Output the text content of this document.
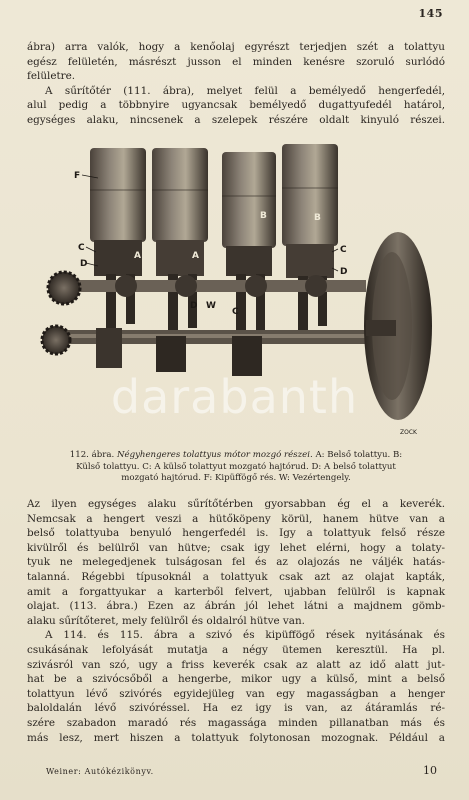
145

ábra) arra valók, hogy a kenőolaj egyrészt terjedjen szét a tolattyu
egész felületén, másrészt jusson el minden kenésre szoruló surlódó
felületre.

A sűrítőtér (111. ábra), melyet felül a bemélyedő hengerfedél,
alul pedig a többnyire ugyancsak bemélyedő dugattyufedél határol,
egységes alaku, nincsenek a szelepek részére oldalt kinyuló részei.

F
A	A
B	B
C	C
D
D
D W
C
ZOCK
darabanth
112. ábra. Négyhengeres tolattyus mótor mozgó részei. A: Belső tolattyu. B:
Külső tolattyu. C: A külső tolattyut mozgató hajtórud. D: A belső tolattyut
mozgató hajtórud. F: Kipüffögő rés. W: Vezértengely.

Az ilyen egységes alaku sűrítőtérben gyorsabban ég el a keverék.
Nemcsak a hengert veszi a hütőköpeny körül, hanem hütve van a
belső tolattyuba benyuló hengerfedél is. Igy a tolattyuk felső része
kivülről és belülről van hütve; csak igy lehet elérni, hogy a tolaty-
tyuk ne melegedjenek tulságosan fel és az olajozás ne váljék hatás-
talanná. Régebbi típusoknál a tolattyuk csak azt az olajat kapták,
amit a forgattyukar a karterből felvert, ujabban felülről is kapnak
olajat. (113. ábra.) Ezen az ábrán jól lehet látni a majdnem gömb-
alaku sűrítőteret, mely felülről és oldalról hütve van.

A 114. és 115. ábra a szivó és kipüffögő rések nyitásának és
csukásának lefolyását mutatja a négy ütemen keresztül. Ha pl.
szivásról van szó, ugy a friss keverék csak az alatt az idő alatt jut-
hat be a szivócsőből a hengerbe, mikor ugy a külső, mint a belső
tolattyun lévő szivórés egyidejüleg van egy magasságban a henger
baloldalán lévő szivóréssel. Ha ez igy is van, az átáramlás ré-
szére szabadon maradó rés magassága minden pillanatban más és
más lesz, mert hiszen a tolattyuk folytonosan mozognak. Például a

Weiner: Autókézikönyv.	10
